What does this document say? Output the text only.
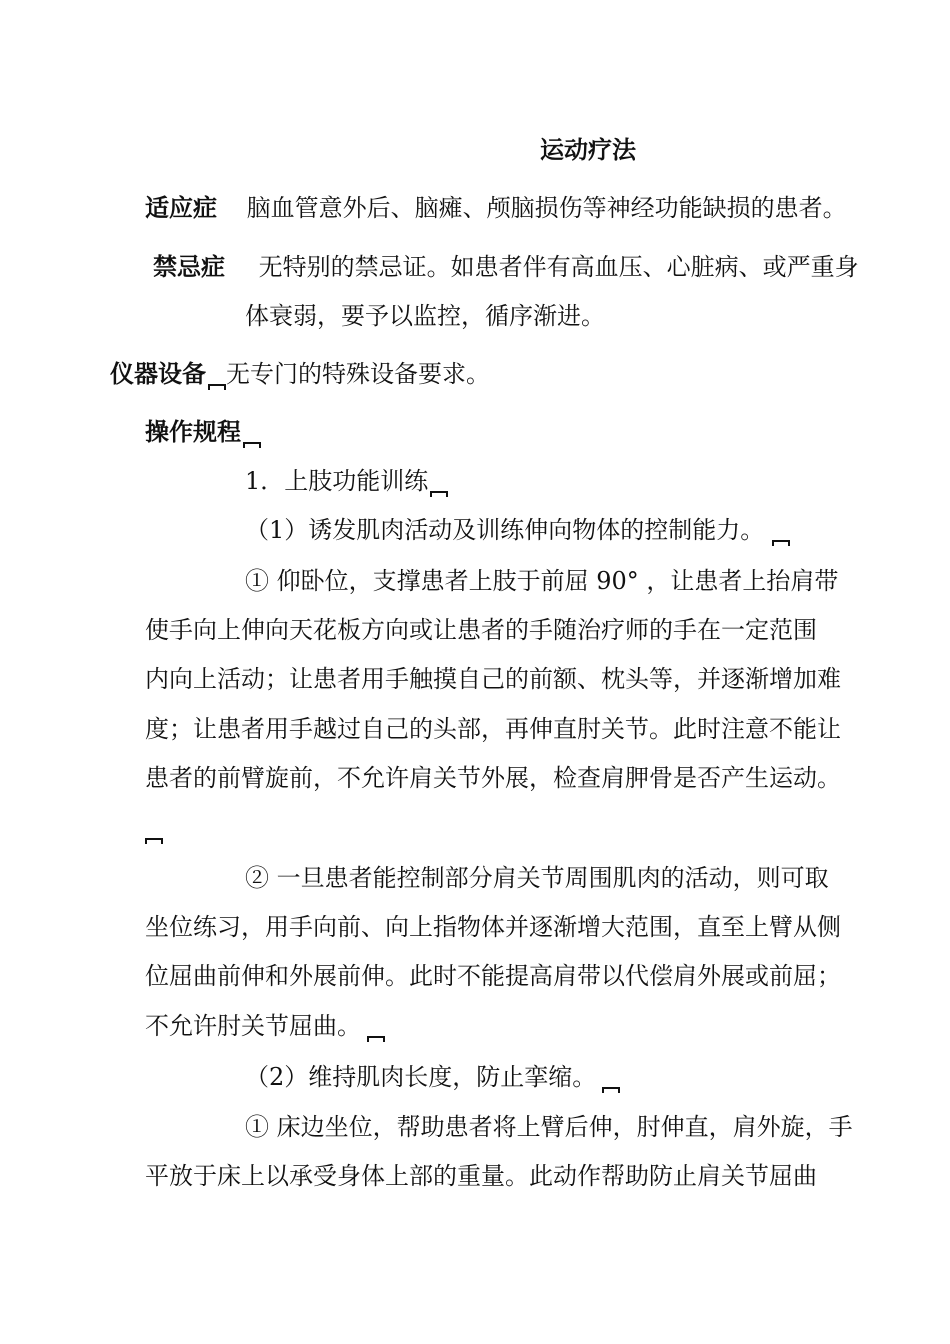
运动疗法
适应症 脑血管意外后、脑瘫、颅脑损伤等神经功能缺损的患者。
禁忌症 无特别的禁忌证。如患者伴有高血压、心脏病、或严重身
体衰弱，要予以监控，循序渐进。
仪器设备 无专门的特殊设备要求。
操作规程
1．上肢功能训练
（1）诱发肌肉活动及训练伸向物体的控制能力。
① 仰卧位，支撑患者上肢于前屈 90° ，让患者上抬肩带
使手向上伸向天花板方向或让患者的手随治疗师的手在一定范围
内向上活动；让患者用手触摸自己的前额、枕头等，并逐渐增加难
度；让患者用手越过自己的头部，再伸直肘关节。此时注意不能让
患者的前臂旋前，不允许肩关节外展，检查肩胛骨是否产生运动。
② 一旦患者能控制部分肩关节周围肌肉的活动，则可取
坐位练习，用手向前、向上指物体并逐渐增大范围，直至上臂从侧
位屈曲前伸和外展前伸。此时不能提高肩带以代偿肩外展或前屈；
不允许肘关节屈曲。
（2）维持肌肉长度，防止挛缩。
① 床边坐位，帮助患者将上臂后伸，肘伸直，肩外旋，手
平放于床上以承受身体上部的重量。此动作帮助防止肩关节屈曲
